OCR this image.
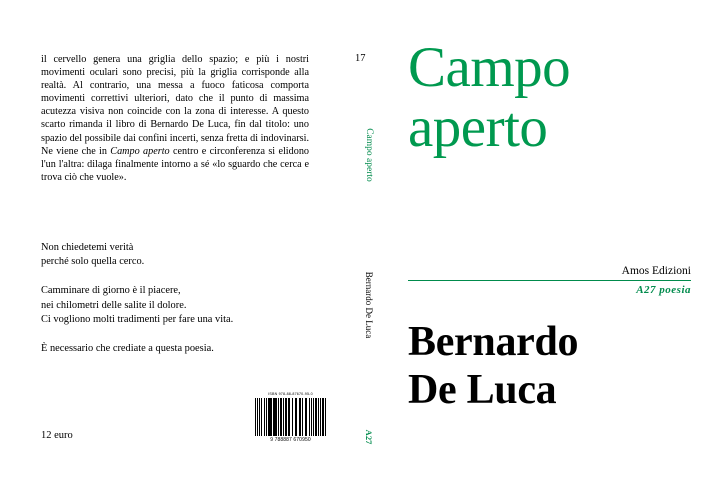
il cervello genera una griglia dello spazio; e più i nostri movimenti oculari sono precisi, più la griglia corrisponde alla realtà. Al contrario, una messa a fuoco faticosa comporta movimenti correttivi ulteriori, dato che il punto di massima acutezza visiva non coincide con la zona di interesse. A questo scarto rimanda il libro di Bernardo De Luca, fin dal titolo: uno spazio del possibile dai confini incerti, senza fretta di indovinarsi. Ne viene che in Campo aperto centro e circonferenza si elidono l'un l'altra: dilaga finalmente intorno a sé «lo sguardo che cerca e trova ciò che vuole».
17

Non chiedetemi verità
perché solo quella cerco.

Camminare di giorno è il piacere,
nei chilometri delle salite il dolore.
Ci vogliono molti tradimenti per fare una vita.

È necessario che crediate a questa poesia.

12 euro
ISBN 978-88-87670-95-0
9 788887 670950
Campo aperto
Bernardo De Luca
A27
Campo
aperto
Amos Edizioni
A27 poesia
Bernardo
De Luca
